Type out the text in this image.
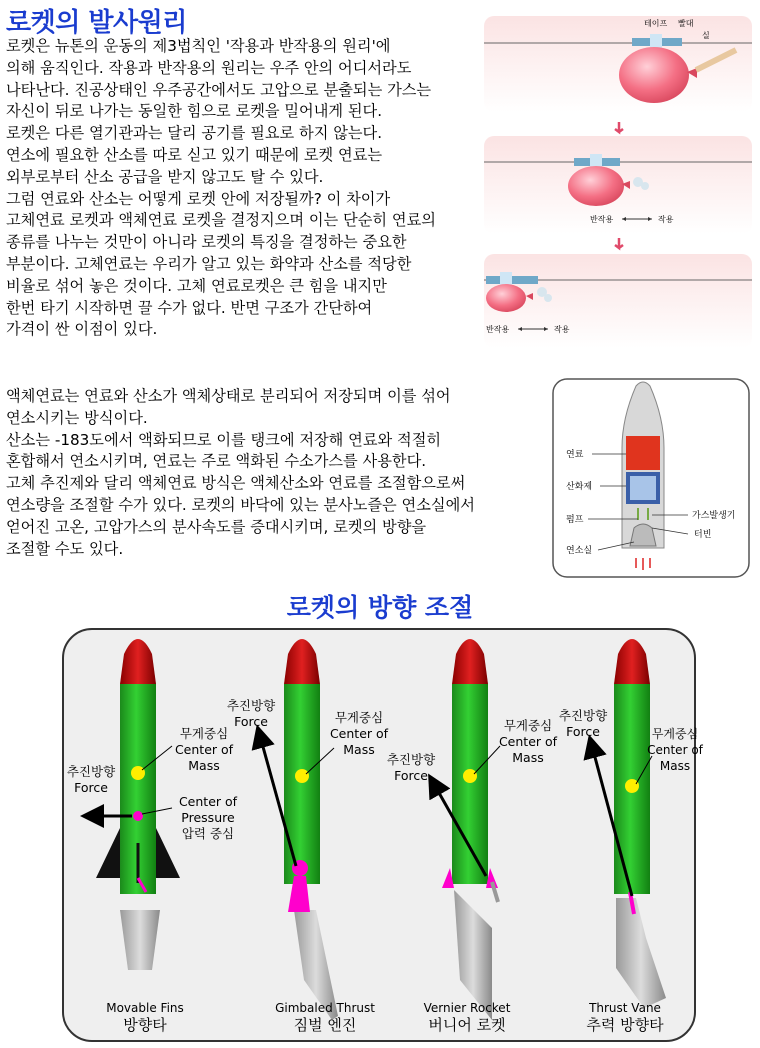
로켓의 발사원리
로켓은 뉴톤의 운동의 제3법칙인 '작용과 반작용의 원리'에
의해 움직인다. 작용과 반작용의 원리는 우주 안의 어디서라도
나타난다. 진공상태인 우주공간에서도 고압으로 분출되는 가스는
자신이 뒤로 나가는 동일한 힘으로 로켓을 밀어내게 된다.
로켓은 다른 열기관과는 달리 공기를 필요로 하지 않는다.
연소에 필요한 산소를 따로 싣고 있기 때문에 로켓 연료는
외부로부터 산소 공급을 받지 않고도 탈 수 있다.
그럼 연료와 산소는 어떻게 로켓 안에 저장될까? 이 차이가
고체연료 로켓과 액체연료 로켓을 결정지으며 이는 단순히 연료의
종류를 나누는 것만이 아니라 로켓의 특징을 결정하는 중요한
부분이다. 고체연료는 우리가 알고 있는 화약과 산소를 적당한
비율로 섞어 놓은 것이다. 고체 연료로켓은 큰 힘을 내지만
한번 타기 시작하면 끌 수가 없다. 반면 구조가 간단하여
가격이 싼 이점이 있다.
테이프 빨대
실
반작용	작용
반작용	작용
액체연료는 연료와 산소가 액체상태로 분리되어 저장되며 이를 섞어
연소시키는 방식이다.
산소는 -183도에서 액화되므로 이를 탱크에 저장해 연료와 적절히
혼합해서 연소시키며, 연료는 주로 액화된 수소가스를 사용한다.
고체 추진제와 달리 액체연료 방식은 액체산소와 연료를 조절함으로써
연소량을 조절할 수가 있다. 로켓의 바닥에 있는 분사노즐은 연소실에서
얻어진 고온, 고압가스의 분사속도를 증대시키며, 로켓의 방향을
조절할 수도 있다.
연료
산화제
펌프
연소실
가스발생기
터빈
로켓의 방향 조절
추진방향
Force
무게중심
Center of
Mass
Center of
Pressure
압력 중심
추진방향
Force	무게중심
Center of
Mass
추진방향
Force
무게중심
Center of
Mass
추진방향
Force	무게중심
Center of
Mass
Movable Fins
방향타
Gimbaled Thrust
짐벌 엔진
Vernier Rocket
버니어 로켓
Thrust Vane
추력 방향타
